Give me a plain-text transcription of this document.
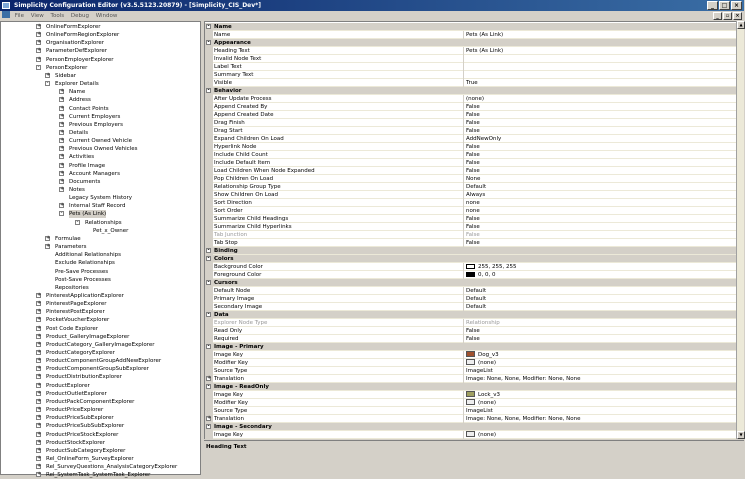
Simplicity Configuration Editor (v3.5.5123.20879) - [Simplicity_CIS_Dev*]	_	□	×
File View Tools Debug Window	_	▫	×
+ OnlineFormExplorer
+ OnlineFormRegionExplorer
+ OrganisationExplorer
+ ParameterDefExplorer
+ PersonEmployerExplorer
- PersonExplorer
+ Sidebar
- Explorer Details
+ Name
+ Address
+ Contact Points
+ Current Employers
+ Previous Employers
+ Details
+ Current Owned Vehicle
+ Previous Owned Vehicles
+ Activities
+ Profile Image
+ Account Managers
+ Documents
+ Notes
Legacy System History
+ Internal Staff Record
- Pets (As Link)
- Relationships
Pet_x_Owner
+ Formulae
+ Parameters
Additional Relationships
Exclude Relationships
Pre-Save Processes
Post-Save Processes
Repositories
+ PinterestApplicationExplorer
+ PinterestPageExplorer
+ PinterestPostExplorer
+ PocketVoucherExplorer
+ Post Code Explorer
+ Product_GalleryImageExplorer
+ ProductCategory_GalleryImageExplorer
+ ProductCategoryExplorer
+ ProductComponentGroupAddNewExplorer
+ ProductComponentGroupSubExplorer
+ ProductDistributionExplorer
+ ProductExplorer
+ ProductOutletExplorer
+ ProductPackComponentExplorer
+ ProductPriceExplorer
+ ProductPriceSubExplorer
+ ProductPriceSubSubExplorer
+ ProductPriceStockExplorer
+ ProductStockExplorer
+ ProductSubCategoryExplorer
+ Rel_OnlineForm_SurveyExplorer
+ Rel_SurveyQuestions_AnalysisCategoryExplorer
+ Rel_SystemTask_SystemTask_Explorer
- Name
Name	Pets (As Link)
- Appearance
Heading Text	Pets (As Link)
Invalid Node Text
Label Text
Summary Text
Visible	True
- Behavior
After Update Process	(none)
Append Created By	False
Append Created Date	False
Drag Finish	False
Drag Start	False
Expand Children On Load	AddNewOnly
Hyperlink Node	False
Include Child Count	False
Include Default Item	False
Load Children When Node Expanded	False
Pop Children On Load	None
Relationship Group Type	Default
Show Children On Load	Always
Sort Direction	none
Sort Order	none
Summarize Child Headings	False
Summarize Child Hyperlinks	False
Tab Junction	False
Tab Stop	False
- Binding
- Colors
Background Color	255, 255, 255
Foreground Color	0, 0, 0
- Cursors
Default Node	Default
Primary Image	Default
Secondary Image	Default
- Data
Explorer Node Type	Relationship
Read Only	False
Required	False
- Image - Primary
Image Key	Dog_v3
Modifier Key	(none)
Source Type	ImageList
+ Translation	Image: None, None, Modifier: None, None
- Image - ReadOnly
Image Key	Lock_v3
Modifier Key	(none)
Source Type	ImageList
+ Translation	Image: None, None, Modifier: None, None
- Image - Secondary
Image Key	(none)
▲
▼
Heading Text
